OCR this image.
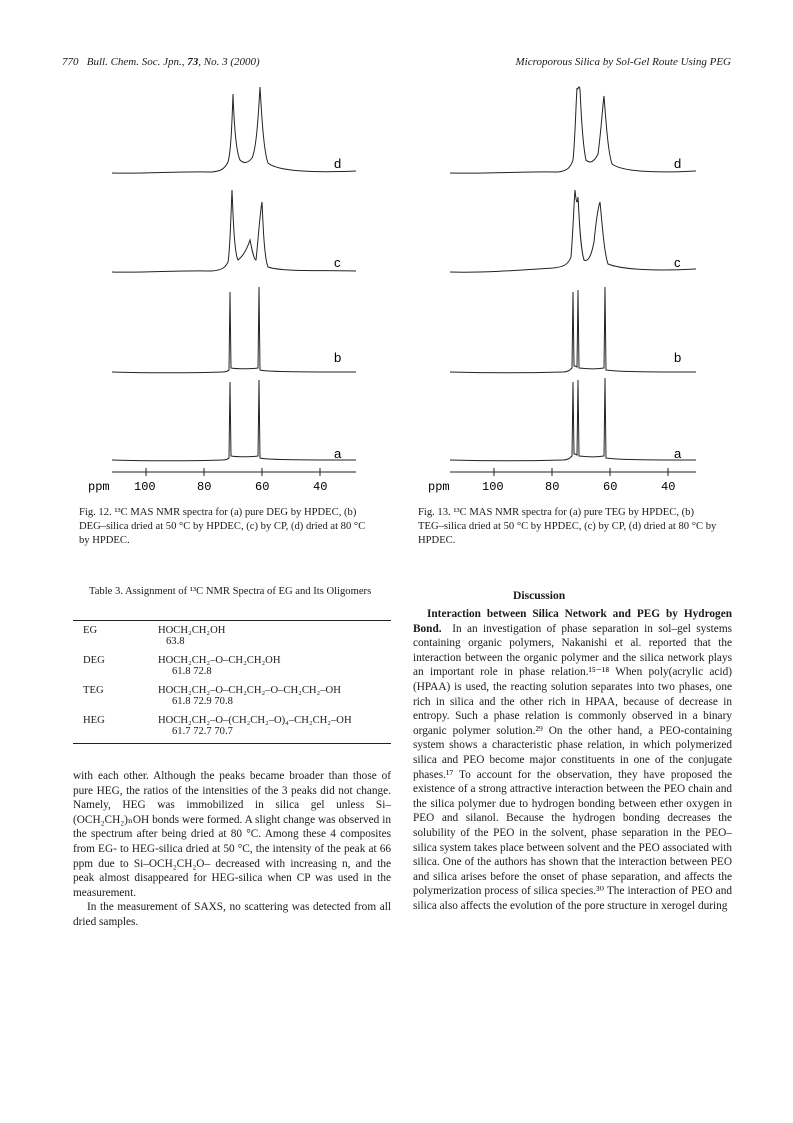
770 Bull. Chem. Soc. Jpn., 73, No. 3 (2000)	Microporous Silica by Sol-Gel Route Using PEG
d
c
b
a
ppm 100	80	60	40
Fig. 12. ¹³C MAS NMR spectra for (a) pure DEG by HPDEC, (b) DEG–silica dried at 50 °C by HPDEC, (c) by CP, (d) dried at 80 °C by HPDEC.
d
c
b
a
ppm	100	80	60	40
Fig. 13. ¹³C MAS NMR spectra for (a) pure TEG by HPDEC, (b) TEG–silica dried at 50 °C by HPDEC, (c) by CP, (d) dried at 80 °C by HPDEC.
Table 3. Assignment of ¹³C NMR Spectra of EG and Its Oligomers

EG	HOCH₂CH₂OH
	63.8
DEG	HOCH₂CH₂–O–CH₂CH₂OH
	61.8 72.8
TEG	HOCH₂CH₂–O–CH₂CH₂–O–CH₂CH₂–OH
	61.8 72.9 70.8
HEG	HOCH₂CH₂–O–(CH₂CH₂–O)₄–CH₂CH₂–OH
	61.7 72.7 70.7

with each other. Although the peaks became broader than those of pure HEG, the ratios of the intensities of the 3 peaks did not change. Namely, HEG was immobilized in silica gel unless Si–(OCH₂CH₂)ₙOH bonds were formed. A slight change was observed in the spectrum after being dried at 80 °C. Among these 4 composites from EG- to HEG-silica dried at 50 °C, the intensity of the peak at 66 ppm due to Si–OCH₂CH₂O– decreased with increasing n, and the peak almost disappeared for HEG-silica when CP was used in the measurement.

In the measurement of SAXS, no scattering was detected from all dried samples.

Discussion

Interaction between Silica Network and PEG by Hydrogen Bond. In an investigation of phase separation in sol–gel systems containing organic polymers, Nakanishi et al. reported that the interaction between the organic polymer and the silica network plays an important role in phase relation.¹⁵⁻¹⁸ When poly(acrylic acid) (HPAA) is used, the reacting solution separates into two phases, one rich in silica and the other rich in HPAA, because of decrease in entropy. Such a phase relation is commonly observed in a binary organic polymer solution.²⁹ On the other hand, a PEO-containing system shows a characteristic phase relation, in which polymerized silica and PEO become major constituents in one of the conjugate phases.¹⁷ To account for the observation, they have proposed the existence of a strong attractive interaction between the PEO chain and the silica polymer due to hydrogen bonding between ether oxygen in PEO and silanol. Because the hydrogen bonding decreases the solubility of the PEO in the solvent, phase separation in the PEO–silica system takes place between solvent and the PEO associated with silica. One of the authors has shown that the interaction between PEO and silica arises before the onset of phase separation, and affects the polymerization process of silica species.³⁰ The interaction of PEO and silica also affects the evolution of the pore structure in xerogel during
